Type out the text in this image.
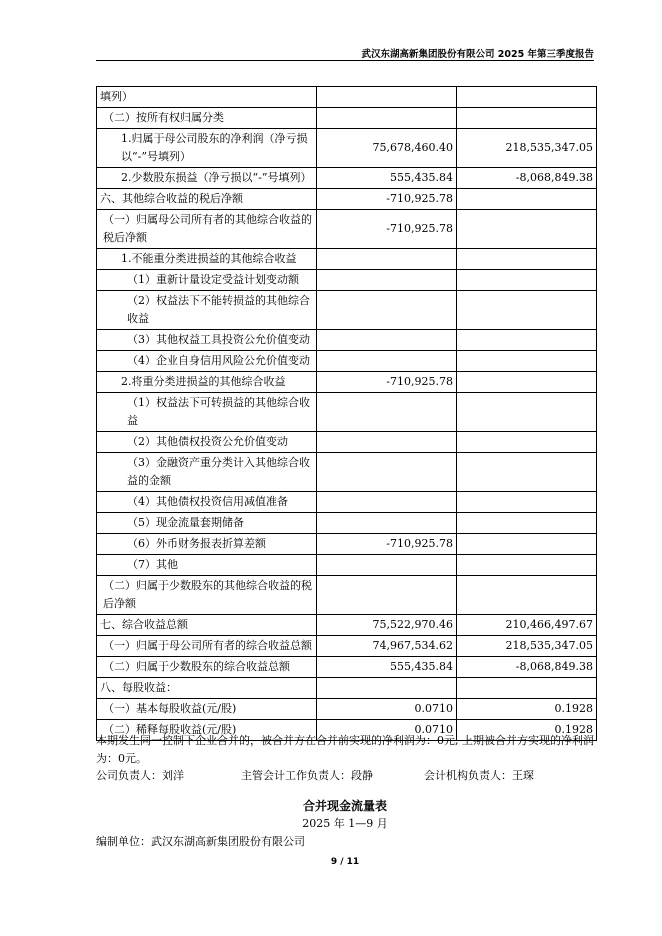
武汉东湖高新集团股份有限公司 2025 年第三季度报告
填列）		
（二）按所有权归属分类		
1.归属于母公司股东的净利润（净亏损以“-”号填列）	75,678,460.40	218,535,347.05
2.少数股东损益（净亏损以“-”号填列）	555,435.84	-8,068,849.38
六、其他综合收益的税后净额	-710,925.78	
（一）归属母公司所有者的其他综合收益的税后净额	-710,925.78	
1.不能重分类进损益的其他综合收益		
（1）重新计量设定受益计划变动额		
（2）权益法下不能转损益的其他综合收益		
（3）其他权益工具投资公允价值变动		
（4）企业自身信用风险公允价值变动		
2.将重分类进损益的其他综合收益	-710,925.78	
（1）权益法下可转损益的其他综合收益		
（2）其他债权投资公允价值变动		
（3）金融资产重分类计入其他综合收益的金额		
（4）其他债权投资信用减值准备		
（5）现金流量套期储备		
（6）外币财务报表折算差额	-710,925.78	
（7）其他		
（二）归属于少数股东的其他综合收益的税后净额		
七、综合收益总额	75,522,970.46	210,466,497.67
（一）归属于母公司所有者的综合收益总额	74,967,534.62	218,535,347.05
（二）归属于少数股东的综合收益总额	555,435.84	-8,068,849.38
八、每股收益：		
（一）基本每股收益(元/股)	0.0710	0.1928
（二）稀释每股收益(元/股)	0.0710	0.1928
本期发生同一控制下企业合并的，被合并方在合并前实现的净利润为：0元, 上期被合并方实现的净利润为：0元。
公司负责人：刘洋	主管会计工作负责人：段静	会计机构负责人：王琛
合并现金流量表
2025 年 1—9 月
编制单位：武汉东湖高新集团股份有限公司
9 / 11
